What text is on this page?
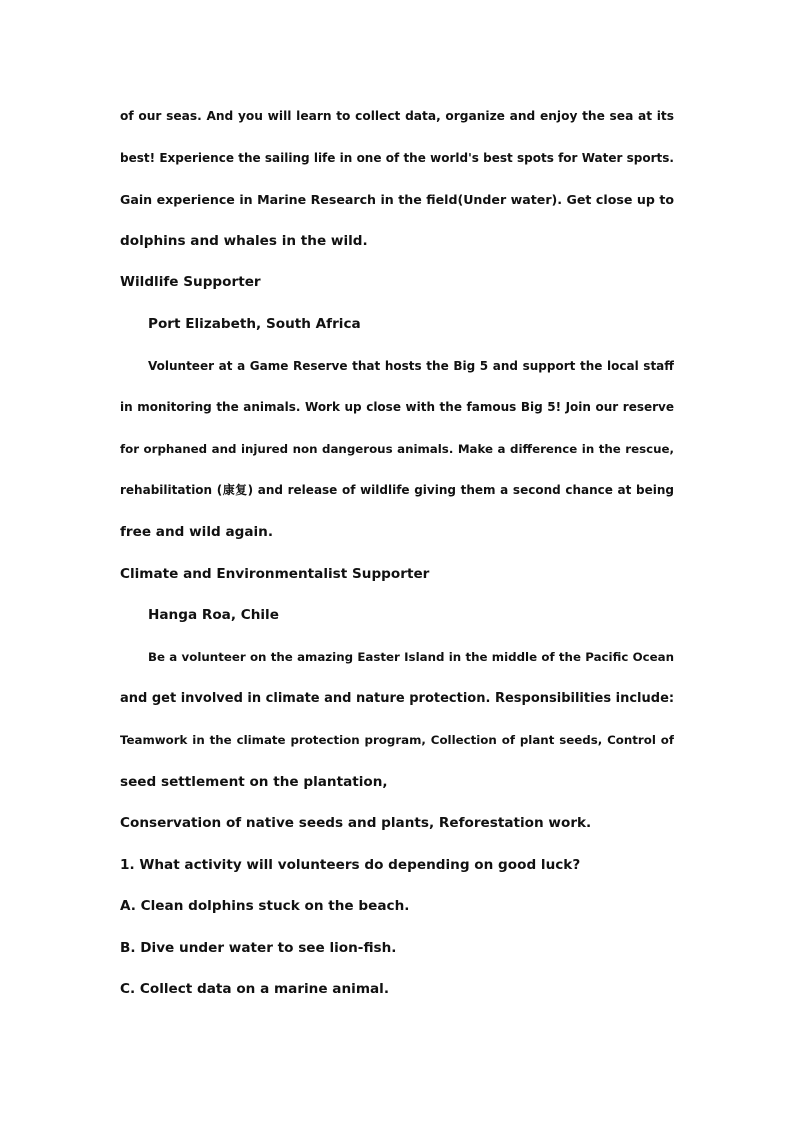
of our seas. And you will learn to collect data, organize and enjoy the sea at its
best! Experience the sailing life in one of the world's best spots for Water sports.
Gain experience in Marine Research in the field(Under water). Get close up to
dolphins and whales in the wild.
Wildlife Supporter
Port Elizabeth, South Africa
Volunteer at a Game Reserve that hosts the Big 5 and support the local staff
in monitoring the animals. Work up close with the famous Big 5! Join our reserve
for orphaned and injured non dangerous animals. Make a difference in the rescue,
rehabilitation (康复) and release of wildlife giving them a second chance at being
free and wild again.
Climate and Environmentalist Supporter
Hanga Roa, Chile
Be a volunteer on the amazing Easter Island in the middle of the Pacific Ocean
and get involved in climate and nature protection. Responsibilities include:
Teamwork in the climate protection program, Collection of plant seeds, Control of
seed settlement on the plantation,
Conservation of native seeds and plants, Reforestation work.
1. What activity will volunteers do depending on good luck?
A. Clean dolphins stuck on the beach.
B. Dive under water to see lion-fish.
C. Collect data on a marine animal.
